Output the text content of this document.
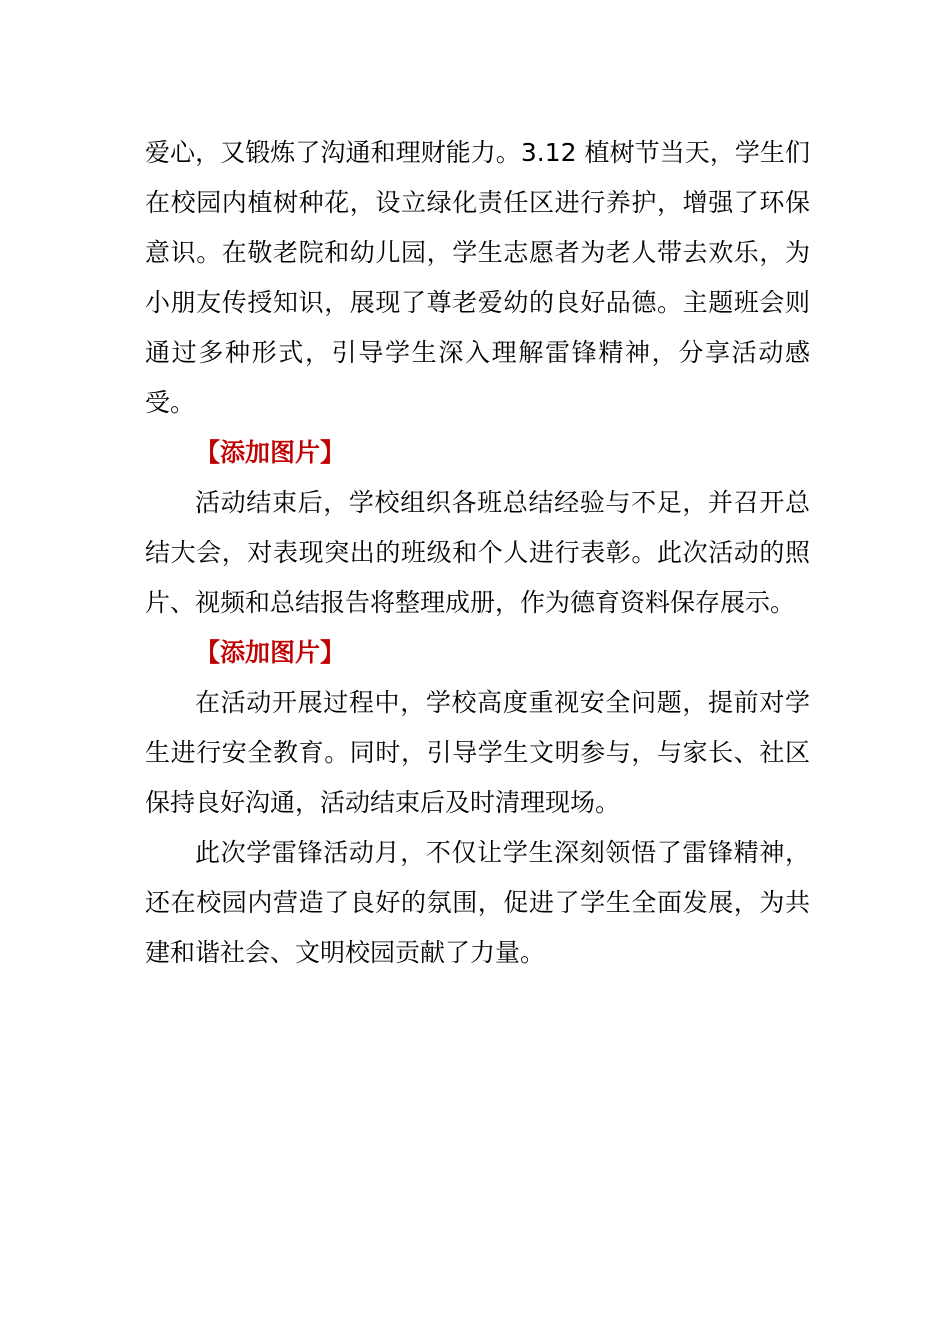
爱心，又锻炼了沟通和理财能力。3.12 植树节当天，学生们在校园内植树种花，设立绿化责任区进行养护，增强了环保意识。在敬老院和幼儿园，学生志愿者为老人带去欢乐，为小朋友传授知识，展现了尊老爱幼的良好品德。主题班会则通过多种形式，引导学生深入理解雷锋精神，分享活动感受。

【添加图片】

活动结束后，学校组织各班总结经验与不足，并召开总结大会，对表现突出的班级和个人进行表彰。此次活动的照片、视频和总结报告将整理成册，作为德育资料保存展示。

【添加图片】

在活动开展过程中，学校高度重视安全问题，提前对学生进行安全教育。同时，引导学生文明参与，与家长、社区保持良好沟通，活动结束后及时清理现场。

此次学雷锋活动月，不仅让学生深刻领悟了雷锋精神，还在校园内营造了良好的氛围，促进了学生全面发展，为共建和谐社会、文明校园贡献了力量。
